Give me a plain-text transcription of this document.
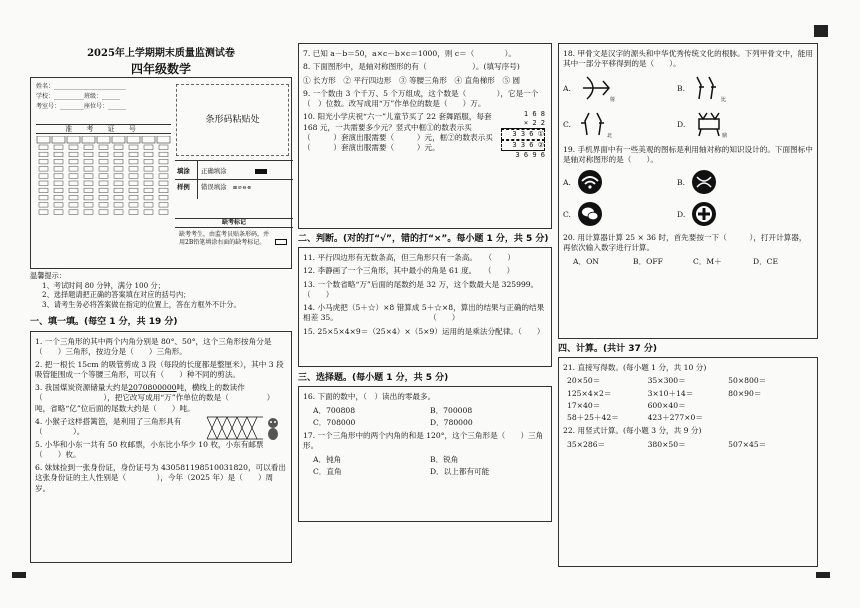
2025年上学期期末质量监测试卷
四年级数学
姓名：________________________
学校：__________班级：______
考室号：________座位号：______
条形码粘贴处
准 考 证 号
填涂
样例
正确填涂
错误填涂 ⊠⊘⊖⊗
缺考标记
缺考考生，由监考员贴条形码，并用2B铅笔填涂右面的缺考标记。
温馨提示：
1、考试时间 80 分钟，满分 100 分；
2、选择题请把正确的答案填在对应的括号内；
3、请考生务必将答案做在指定的位置上，答在方框外不计分。
一、填一填。(每空 1 分，共 19 分)
1. 一个三角形的其中两个内角分别是 80°、50°，这个三角形按角分是（　　）三角形，按边分是（　　）三角形。
2. 把一根长 15cm 的吸管剪成 3 段（每段的长度都是整厘米），其中 3 段吸管能围成一个等腰三角形，可以有（　　）种不同的剪法。
3. 我国煤炭资源储量大约是2070800000吨，横线上的数读作（　　　　　　　　），把它改写成用“万”作单位的数是（　　　　　）吨，省略“亿”位后面的尾数大约是（　　）吨。
4. 小猴子这样搭篱笆，是利用了三角形具有（　　　　）。
5. 小华和小东一共有 50 枚邮票，小东比小华少 10 枚，小东有邮票（　　）枚。
6. 妹妹捡到一张身份证，身份证号为 430581198510031820，可以看出这张身份证的主人性别是（　　　　），今年（2025 年）是（　　）周岁。
7. 已知 a－b＝50，a×c－b×c＝1000，则 c＝（　　　　）。
8. 下面图形中，是轴对称图形的有（　　　　　　）。(填写序号)
① 长方形　② 平行四边形　③ 等腰三角形　④ 直角梯形　⑤ 圆
9. 一个数由 3 个千万、5 个万组成，这个数是（　　　　），它是一个（　）位数。改写成用“万”作单位的数是（　　）万。
10. 阳光小学庆祝“六一”儿童节买了 22 套舞蹈服，每套 168 元，一共需要多少元？竖式中框①的数表示买（　　　）套演出服需要（　　　）元，框②的数表示买（　　　）套演出服需要（　　　）元。
1 6 8
× 2 2
3 3 6 ①
3 3 6 ②
3 6 9 6
二、判断。(对的打“√”，错的打“×”。每小题 1 分，共 5 分)
11. 平行四边形有无数条高，但三角形只有一条高。　　（　　）
12. 李静画了一个三角形，其中最小的角是 61 度。　　（　　）
13. 一个数省略“万”后面的尾数约是 32 万，这个数最大是 325999。（　　）
14. 小马虎把（5＋☆）×8 错算成 5＋☆×8，算出的结果与正确的结果相差 35。　　　　　　　　　　　　　（　　）
15. 25×5×4×9＝（25×4）×（5×9）运用的是乘法分配律。（　　）
三、选择题。(每小题 1 分，共 5 分)
16. 下面的数中，（　）读出的零最多。
A．700808	B．700008
C．708000	D．780000
17. 一个三角形中的两个内角的和是 120°，这个三角形是（　　）三角形。
A．钝角	B．锐角
C．直角	D．以上都有可能
18. 甲骨文是汉字的源头和中华优秀传统文化的根脉。下列甲骨文中，能用其中一部分平移得到的是（　　）。
A.
射
B.
比
C.
北
D.
鼎
19. 手机界面中有一些美观的图标是利用轴对称的知识设计的。下面图标中是轴对称图形的是（　　）。
A.	B.
C.	D.
20. 用计算器计算 25 × 36 时，首先要按一下（　　　），打开计算器，再依次输入数字进行计算。
A．ON	B．OFF	C．M＋	D．CE
四、计算。(共计 37 分)
21. 直接写得数。(每小题 1 分，共 10 分)
20×50＝	35×300＝	50×800＝
125×4×2＝	3×10＋14＝	80×90＝
17×40＝	600×40＝
58＋25＋42＝	423＋277×0＝
22. 用竖式计算。(每小题 3 分，共 9 分)
35×286＝	380×50＝	507×45＝
